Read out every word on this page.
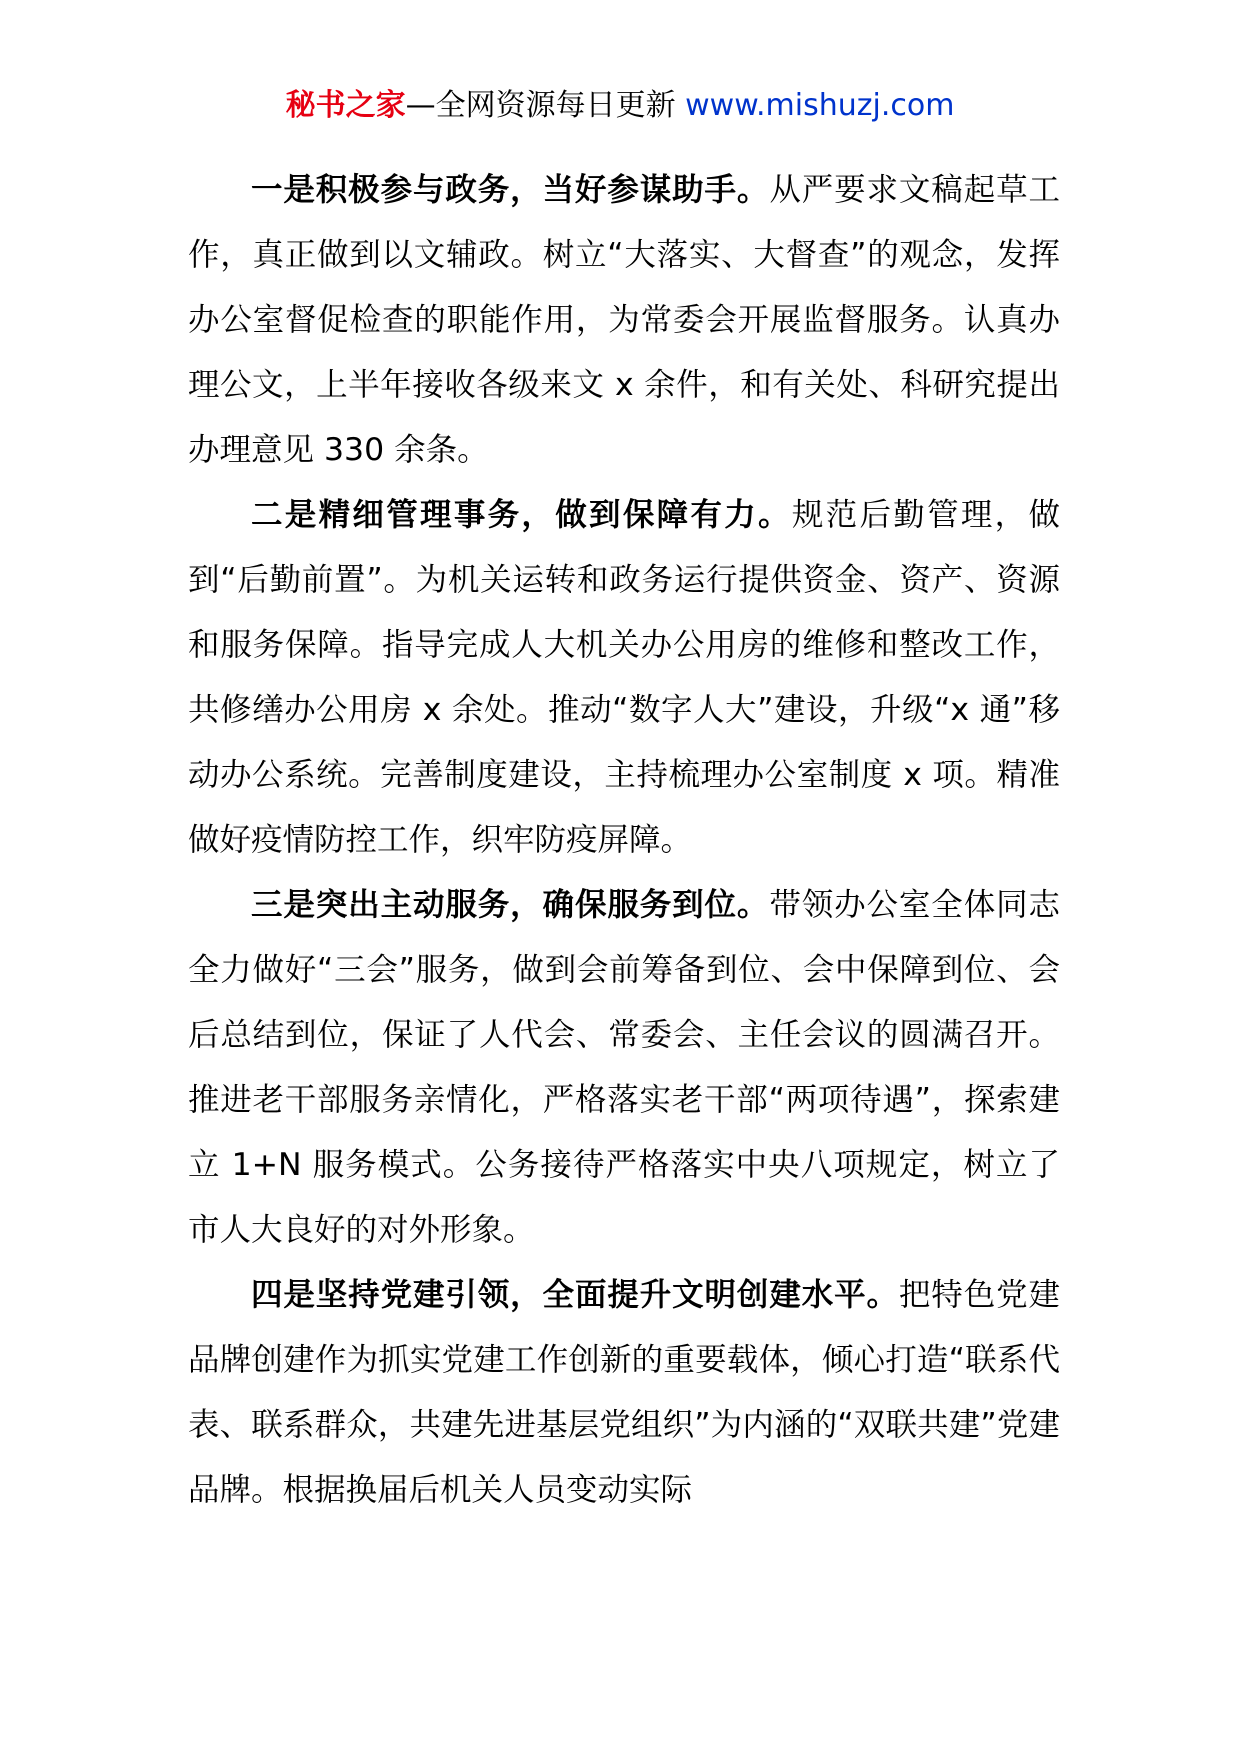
秘书之家—全网资源每日更新 www.mishuzj.com

一是积极参与政务，当好参谋助手。从严要求文稿起草工作，真正做到以文辅政。树立“大落实、大督查”的观念，发挥办公室督促检查的职能作用，为常委会开展监督服务。认真办理公文，上半年接收各级来文 x 余件，和有关处、科研究提出办理意见 330 余条。

二是精细管理事务，做到保障有力。规范后勤管理，做到“后勤前置”。为机关运转和政务运行提供资金、资产、资源和服务保障。指导完成人大机关办公用房的维修和整改工作，共修缮办公用房 x 余处。推动“数字人大”建设，升级“x 通”移动办公系统。完善制度建设，主持梳理办公室制度 x 项。精准做好疫情防控工作，织牢防疫屏障。

三是突出主动服务，确保服务到位。带领办公室全体同志全力做好“三会”服务，做到会前筹备到位、会中保障到位、会后总结到位，保证了人代会、常委会、主任会议的圆满召开。推进老干部服务亲情化，严格落实老干部“两项待遇”，探索建立 1+N 服务模式。公务接待严格落实中央八项规定，树立了市人大良好的对外形象。

四是坚持党建引领，全面提升文明创建水平。把特色党建品牌创建作为抓实党建工作创新的重要载体，倾心打造“联系代表、联系群众，共建先进基层党组织”为内涵的“双联共建”党建品牌。根据换届后机关人员变动实际
